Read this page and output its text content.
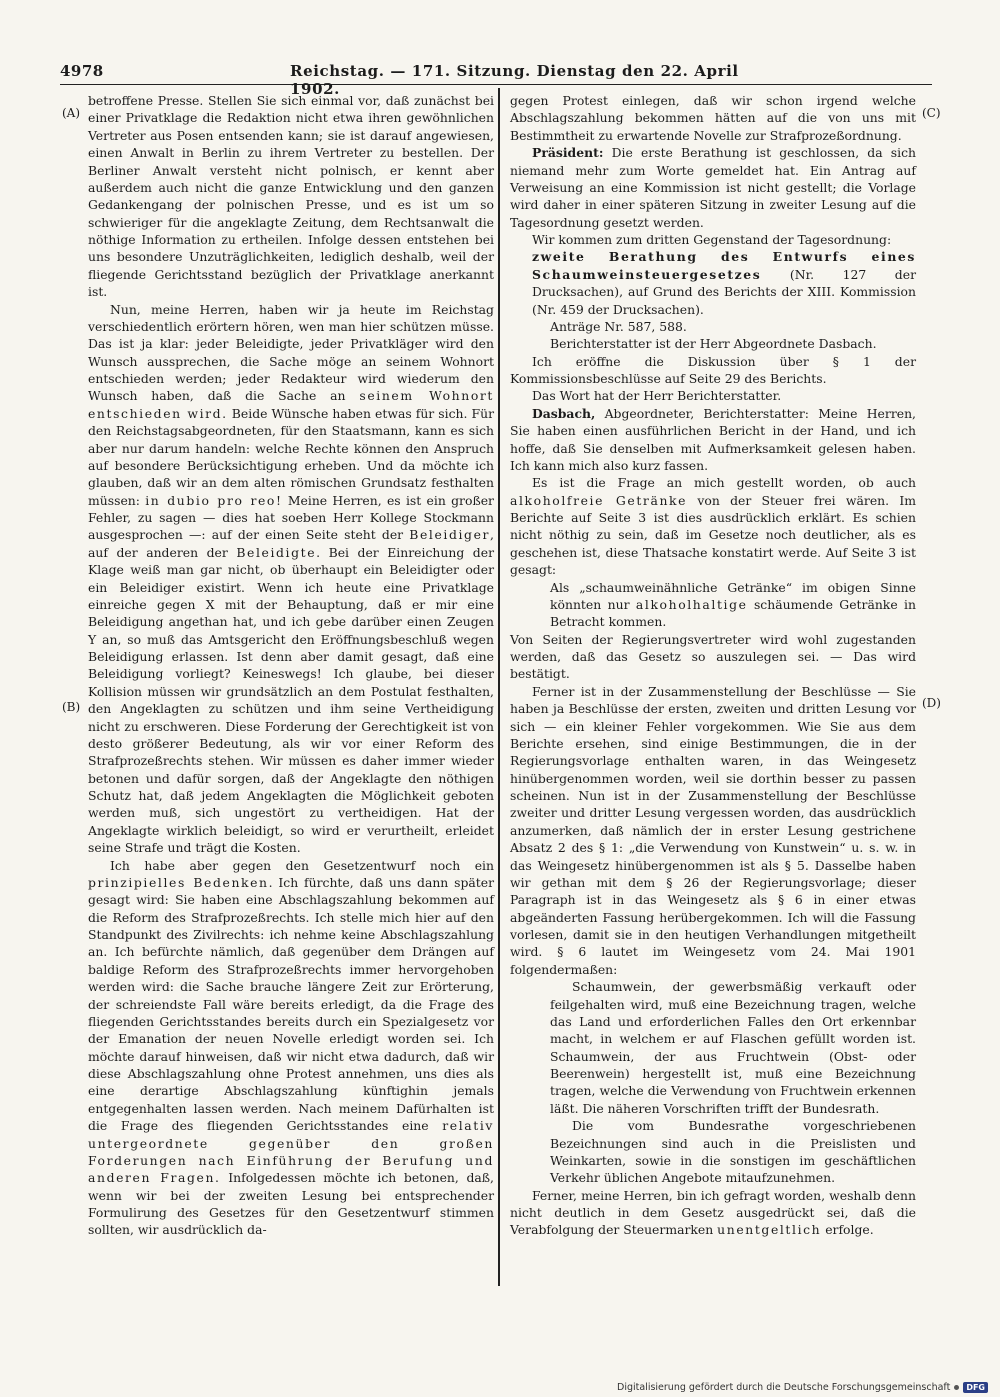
4978	Reichstag. — 171. Sitzung. Dienstag den 22. April 1902.
(A)
(B)
(C)
(D)

betroffene Presse. Stellen Sie sich einmal vor, daß zunächst bei einer Privatklage die Redaktion nicht etwa ihren gewöhnlichen Vertreter aus Posen entsenden kann; sie ist darauf angewiesen, einen Anwalt in Berlin zu ihrem Vertreter zu bestellen. Der Berliner Anwalt versteht nicht polnisch, er kennt aber außerdem auch nicht die ganze Entwicklung und den ganzen Gedankengang der polnischen Presse, und es ist um so schwieriger für die angeklagte Zeitung, dem Rechtsanwalt die nöthige Information zu ertheilen. Infolge dessen entstehen bei uns besondere Unzuträglichkeiten, lediglich deshalb, weil der fliegende Gerichtsstand bezüglich der Privatklage anerkannt ist.

Nun, meine Herren, haben wir ja heute im Reichstag verschiedentlich erörtern hören, wen man hier schützen müsse. Das ist ja klar: jeder Beleidigte, jeder Privatkläger wird den Wunsch aussprechen, die Sache möge an seinem Wohnort entschieden werden; jeder Redakteur wird wiederum den Wunsch haben, daß die Sache an seinem Wohnort entschieden wird. Beide Wünsche haben etwas für sich. Für den Reichstagsabgeordneten, für den Staatsmann, kann es sich aber nur darum handeln: welche Rechte können den Anspruch auf besondere Berücksichtigung erheben. Und da möchte ich glauben, daß wir an dem alten römischen Grundsatz festhalten müssen: in dubio pro reo! Meine Herren, es ist ein großer Fehler, zu sagen — dies hat soeben Herr Kollege Stockmann ausgesprochen —: auf der einen Seite steht der Beleidiger, auf der anderen der Beleidigte. Bei der Einreichung der Klage weiß man gar nicht, ob überhaupt ein Beleidigter oder ein Beleidiger existirt. Wenn ich heute eine Privatklage einreiche gegen X mit der Behauptung, daß er mir eine Beleidigung angethan hat, und ich gebe darüber einen Zeugen Y an, so muß das Amtsgericht den Eröffnungsbeschluß wegen Beleidigung erlassen. Ist denn aber damit gesagt, daß eine Beleidigung vorliegt? Keineswegs! Ich glaube, bei dieser Kollision müssen wir grundsätzlich an dem Postulat festhalten, den Angeklagten zu schützen und ihm seine Vertheidigung nicht zu erschweren. Diese Forderung der Gerechtigkeit ist von desto größerer Bedeutung, als wir vor einer Reform des Strafprozeßrechts stehen. Wir müssen es daher immer wieder betonen und dafür sorgen, daß der Angeklagte den nöthigen Schutz hat, daß jedem Angeklagten die Möglichkeit geboten werden muß, sich ungestört zu vertheidigen. Hat der Angeklagte wirklich beleidigt, so wird er verurtheilt, erleidet seine Strafe und trägt die Kosten.

Ich habe aber gegen den Gesetzentwurf noch ein prinzipielles Bedenken. Ich fürchte, daß uns dann später gesagt wird: Sie haben eine Abschlagszahlung bekommen auf die Reform des Strafprozeßrechts. Ich stelle mich hier auf den Standpunkt des Zivilrechts: ich nehme keine Abschlagszahlung an. Ich befürchte nämlich, daß gegenüber dem Drängen auf baldige Reform des Strafprozeßrechts immer hervorgehoben werden wird: die Sache brauche längere Zeit zur Erörterung, der schreiendste Fall wäre bereits erledigt, da die Frage des fliegenden Gerichtsstandes bereits durch ein Spezialgesetz vor der Emanation der neuen Novelle erledigt worden sei. Ich möchte darauf hinweisen, daß wir nicht etwa dadurch, daß wir diese Abschlagszahlung ohne Protest annehmen, uns dies als eine derartige Abschlagszahlung künftighin jemals entgegenhalten lassen werden. Nach meinem Dafürhalten ist die Frage des fliegenden Gerichtsstandes eine relativ untergeordnete gegenüber den großen Forderungen nach Einführung der Berufung und anderen Fragen. Infolgedessen möchte ich betonen, daß, wenn wir bei der zweiten Lesung bei entsprechender Formulirung des Gesetzes für den Gesetzentwurf stimmen sollten, wir ausdrücklich da-

gegen Protest einlegen, daß wir schon irgend welche Abschlagszahlung bekommen hätten auf die von uns mit Bestimmtheit zu erwartende Novelle zur Strafprozeßordnung.

Präsident: Die erste Berathung ist geschlossen, da sich niemand mehr zum Worte gemeldet hat. Ein Antrag auf Verweisung an eine Kommission ist nicht gestellt; die Vorlage wird daher in einer späteren Sitzung in zweiter Lesung auf die Tagesordnung gesetzt werden.

Wir kommen zum dritten Gegenstand der Tagesordnung:

zweite Berathung des Entwurfs eines Schaumweinsteuergesetzes (Nr. 127 der Drucksachen), auf Grund des Berichts der XIII. Kommission (Nr. 459 der Drucksachen).

Anträge Nr. 587, 588.

Berichterstatter ist der Herr Abgeordnete Dasbach.

Ich eröffne die Diskussion über § 1 der Kommissionsbeschlüsse auf Seite 29 des Berichts.

Das Wort hat der Herr Berichterstatter.

Dasbach, Abgeordneter, Berichterstatter: Meine Herren, Sie haben einen ausführlichen Bericht in der Hand, und ich hoffe, daß Sie denselben mit Aufmerksamkeit gelesen haben. Ich kann mich also kurz fassen.

Es ist die Frage an mich gestellt worden, ob auch alkoholfreie Getränke von der Steuer frei wären. Im Berichte auf Seite 3 ist dies ausdrücklich erklärt. Es schien nicht nöthig zu sein, daß im Gesetze noch deutlicher, als es geschehen ist, diese Thatsache konstatirt werde. Auf Seite 3 ist gesagt:

Als „schaumweinähnliche Getränke“ im obigen Sinne könnten nur alkoholhaltige schäumende Getränke in Betracht kommen.

Von Seiten der Regierungsvertreter wird wohl zugestanden werden, daß das Gesetz so auszulegen sei. — Das wird bestätigt.

Ferner ist in der Zusammenstellung der Beschlüsse — Sie haben ja Beschlüsse der ersten, zweiten und dritten Lesung vor sich — ein kleiner Fehler vorgekommen. Wie Sie aus dem Berichte ersehen, sind einige Bestimmungen, die in der Regierungsvorlage enthalten waren, in das Weingesetz hinübergenommen worden, weil sie dorthin besser zu passen scheinen. Nun ist in der Zusammenstellung der Beschlüsse zweiter und dritter Lesung vergessen worden, das ausdrücklich anzumerken, daß nämlich der in erster Lesung gestrichene Absatz 2 des § 1: „die Verwendung von Kunstwein“ u. s. w. in das Weingesetz hinübergenommen ist als § 5. Dasselbe haben wir gethan mit dem § 26 der Regierungsvorlage; dieser Paragraph ist in das Weingesetz als § 6 in einer etwas abgeänderten Fassung herübergekommen. Ich will die Fassung vorlesen, damit sie in den heutigen Verhandlungen mitgetheilt wird. § 6 lautet im Weingesetz vom 24. Mai 1901 folgendermaßen:

Schaumwein, der gewerbsmäßig verkauft oder feilgehalten wird, muß eine Bezeichnung tragen, welche das Land und erforderlichen Falles den Ort erkennbar macht, in welchem er auf Flaschen gefüllt worden ist. Schaumwein, der aus Fruchtwein (Obst- oder Beerenwein) hergestellt ist, muß eine Bezeichnung tragen, welche die Verwendung von Fruchtwein erkennen läßt. Die näheren Vorschriften trifft der Bundesrath.

Die vom Bundesrathe vorgeschriebenen Bezeichnungen sind auch in die Preislisten und Weinkarten, sowie in die sonstigen im geschäftlichen Verkehr üblichen Angebote mitaufzunehmen.

Ferner, meine Herren, bin ich gefragt worden, weshalb denn nicht deutlich in dem Gesetz ausgedrückt sei, daß die Verabfolgung der Steuermarken unentgeltlich erfolge.

Digitalisierung gefördert durch die Deutsche Forschungsgemeinschaft	DFG
